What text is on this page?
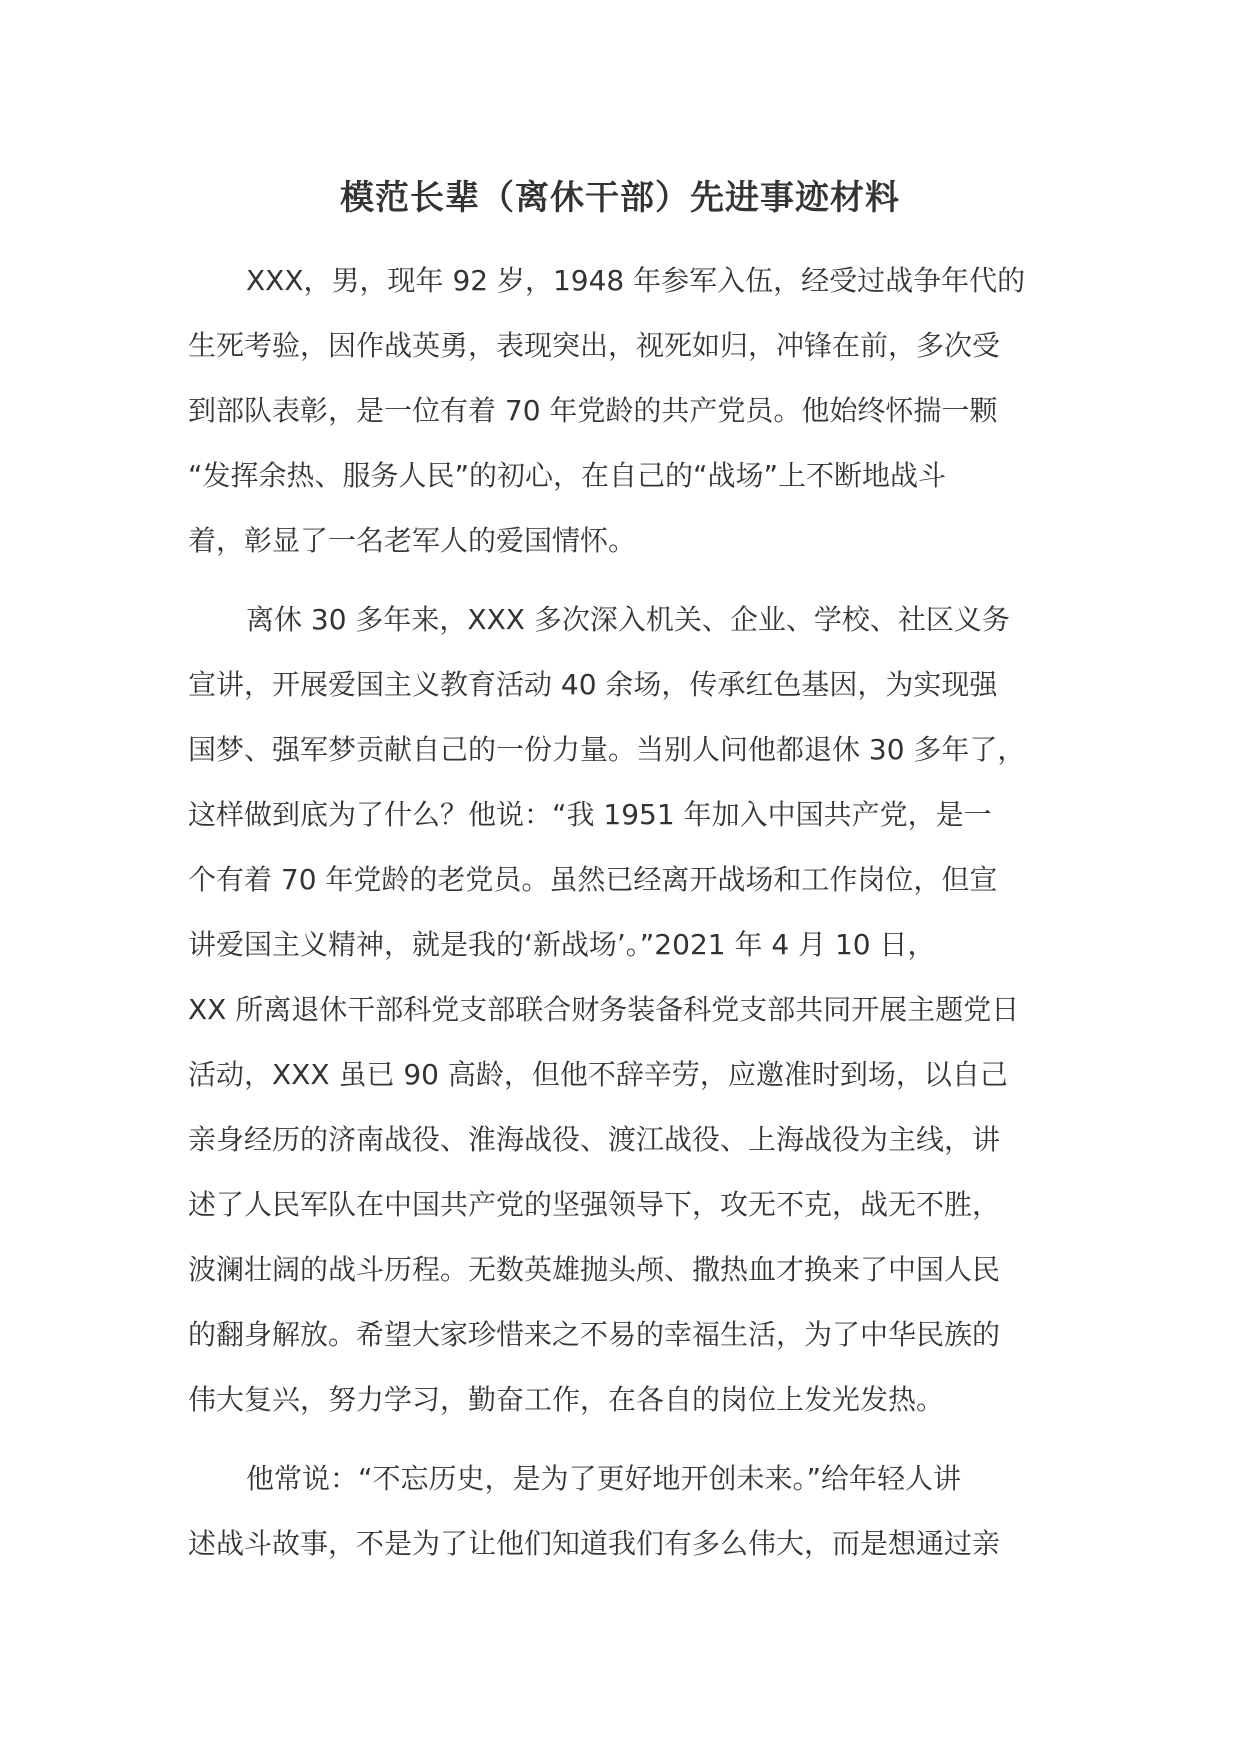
模范长辈（离休干部）先进事迹材料
XXX，男，现年 92 岁，1948 年参军入伍，经受过战争年代的
生死考验，因作战英勇，表现突出，视死如归，冲锋在前，多次受
到部队表彰，是一位有着 70 年党龄的共产党员。他始终怀揣一颗
“发挥余热、服务人民”的初心，在自己的“战场”上不断地战斗
着，彰显了一名老军人的爱国情怀。
离休 30 多年来，XXX 多次深入机关、企业、学校、社区义务
宣讲，开展爱国主义教育活动 40 余场，传承红色基因，为实现强
国梦、强军梦贡献自己的一份力量。当别人问他都退休 30 多年了，
这样做到底为了什么？他说：“我 1951 年加入中国共产党，是一
个有着 70 年党龄的老党员。虽然已经离开战场和工作岗位，但宣
讲爱国主义精神，就是我的‘新战场’。”2021 年 4 月 10 日，
XX 所离退休干部科党支部联合财务装备科党支部共同开展主题党日
活动，XXX 虽已 90 高龄，但他不辞辛劳，应邀准时到场，以自己
亲身经历的济南战役、淮海战役、渡江战役、上海战役为主线，讲
述了人民军队在中国共产党的坚强领导下，攻无不克，战无不胜，
波澜壮阔的战斗历程。无数英雄抛头颅、撒热血才换来了中国人民
的翻身解放。希望大家珍惜来之不易的幸福生活，为了中华民族的
伟大复兴，努力学习，勤奋工作，在各自的岗位上发光发热。
他常说：“不忘历史，是为了更好地开创未来。”给年轻人讲
述战斗故事，不是为了让他们知道我们有多么伟大，而是想通过亲
